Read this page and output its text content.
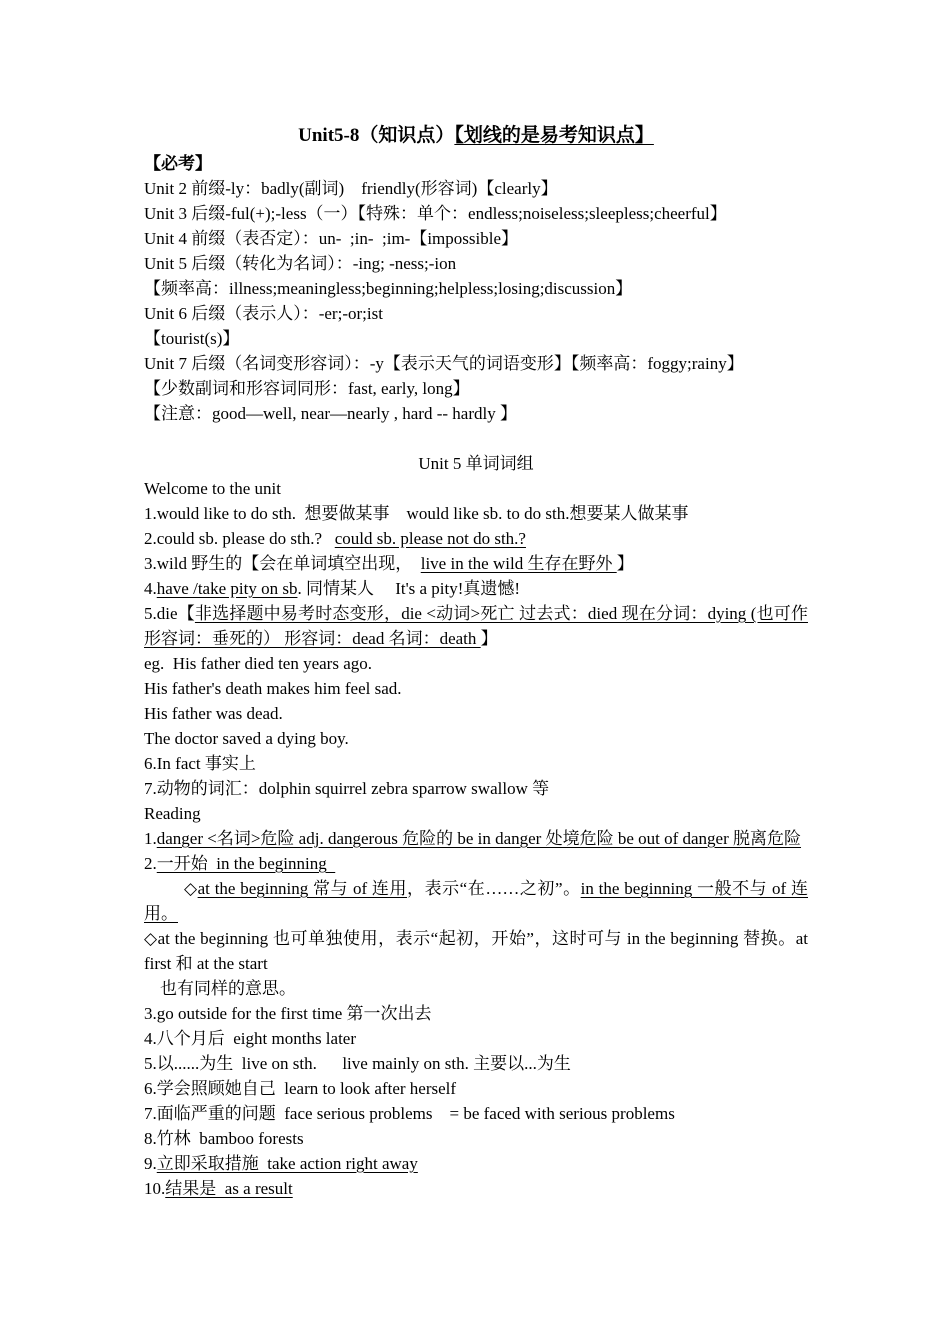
Unit5-8（知识点）【划线的是易考知识点】
【必考】
Unit 2 前缀-ly：badly(副词)    friendly(形容词)【clearly】
Unit 3 后缀-ful(+);-less（一）【特殊：单个：endless;noiseless;sleepless;cheerful】
Unit 4 前缀（表否定）：un-  ;in-  ;im-【impossible】
Unit 5 后缀（转化为名词）：-ing; -ness;-ion
【频率高：illness;meaningless;beginning;helpless;losing;discussion】
Unit 6 后缀（表示人）：-er;-or;ist
【tourist(s)】
Unit 7 后缀（名词变形容词）：-y【表示天气的词语变形】【频率高：foggy;rainy】
【少数副词和形容词同形：fast, early, long】
【注意：good—well, near—nearly , hard -- hardly 】
Unit 5 单词词组
Welcome to the unit
1.would like to do sth.  想要做某事    would like sb. to do sth.想要某人做某事
2.could sb. please do sth.?   could sb. please not do sth.?
3.wild 野生的【会在单词填空出现，  live in the wild 生存在野外 】
4.have /take pity on sb. 同情某人     It's a pity!真遗憾!
5.die【非选择题中易考时态变形，die <动词>死亡 过去式：died 现在分词：dying (也可作形容词：垂死的） 形容词：dead 名词：death 】
eg.  His father died ten years ago.
His father's death makes him feel sad.
His father was dead.
The doctor saved a dying boy.
6.In fact 事实上
7.动物的词汇：dolphin squirrel zebra sparrow swallow 等
Reading
1.danger <名词>危险 adj. dangerous 危险的 be in danger 处境危险 be out of danger 脱离危险
2.一开始  in the beginning
◇at the beginning 常与 of 连用，表示“在……之初”。in the beginning 一般不与 of 连用。
◇at the beginning 也可单独使用，表示“起初，开始”，这时可与 in the beginning 替换。at first 和 at the start
也有同样的意思。
3.go outside for the first time 第一次出去
4.八个月后  eight months later
5.以......为生  live on sth.      live mainly on sth. 主要以...为生
6.学会照顾她自己  learn to look after herself
7.面临严重的问题  face serious problems    = be faced with serious problems
8.竹林  bamboo forests
9.立即采取措施  take action right away
10.结果是  as a result
